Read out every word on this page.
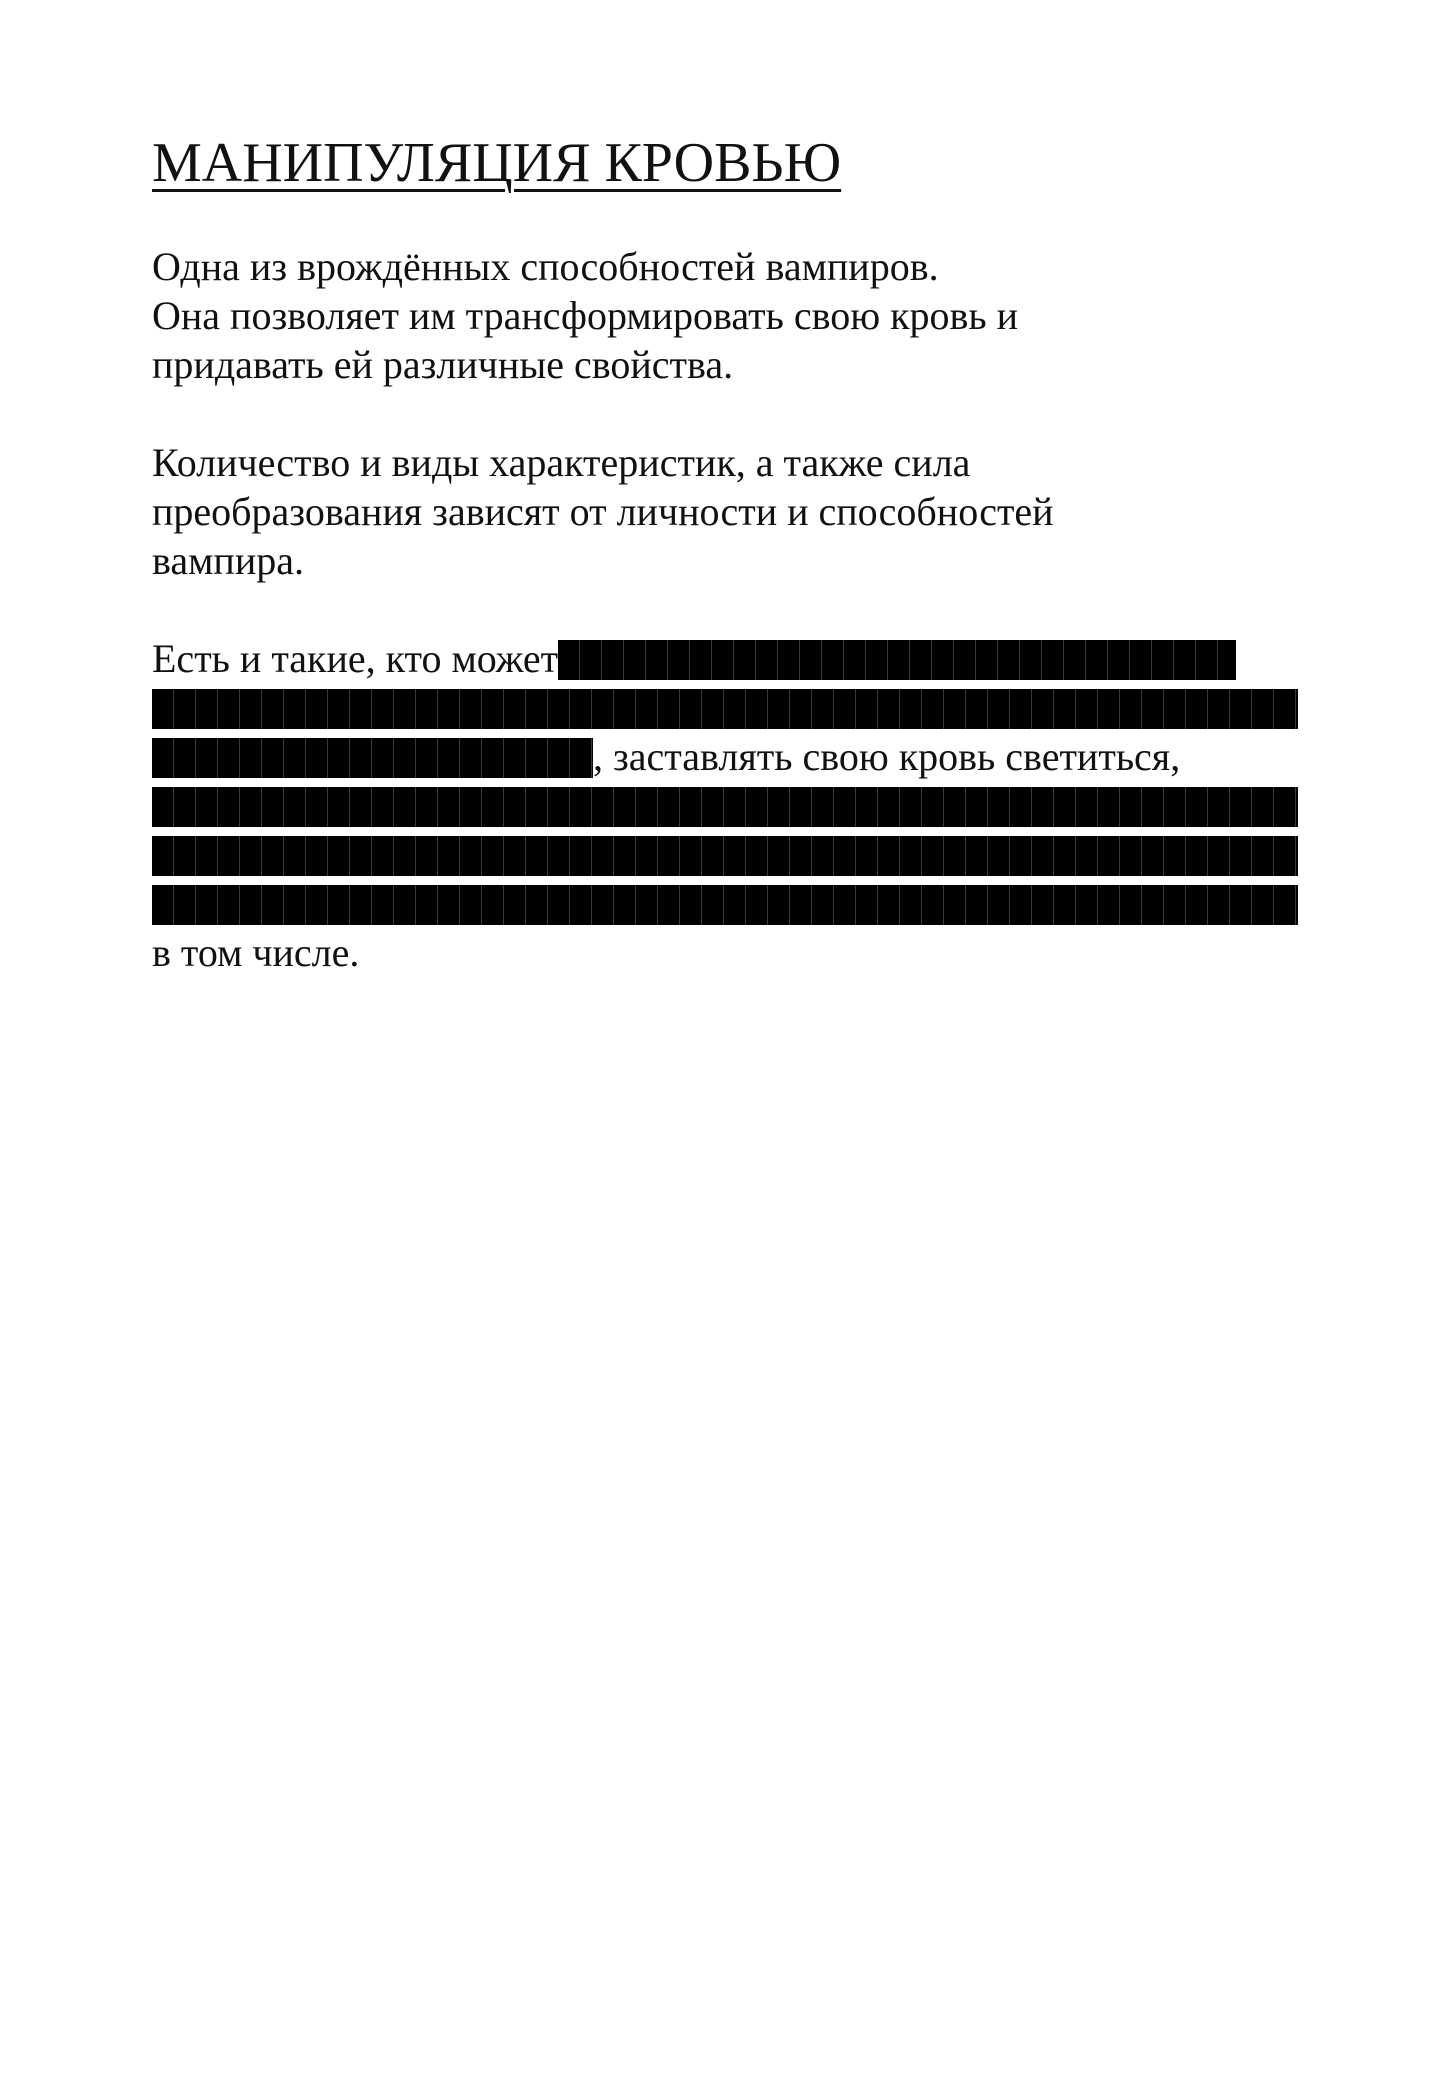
МАНИПУЛЯЦИЯ КРОВЬЮ

Одна из врождённых способностей вампиров.
Она позволяет им трансформировать свою кровь и
придавать ей различные свойства.

Количество и виды характеристик, а также сила
преобразования зависят от личности и способностей
вампира.

Есть и такие, кто может
, заставлять свою кровь светиться,
в том числе.
